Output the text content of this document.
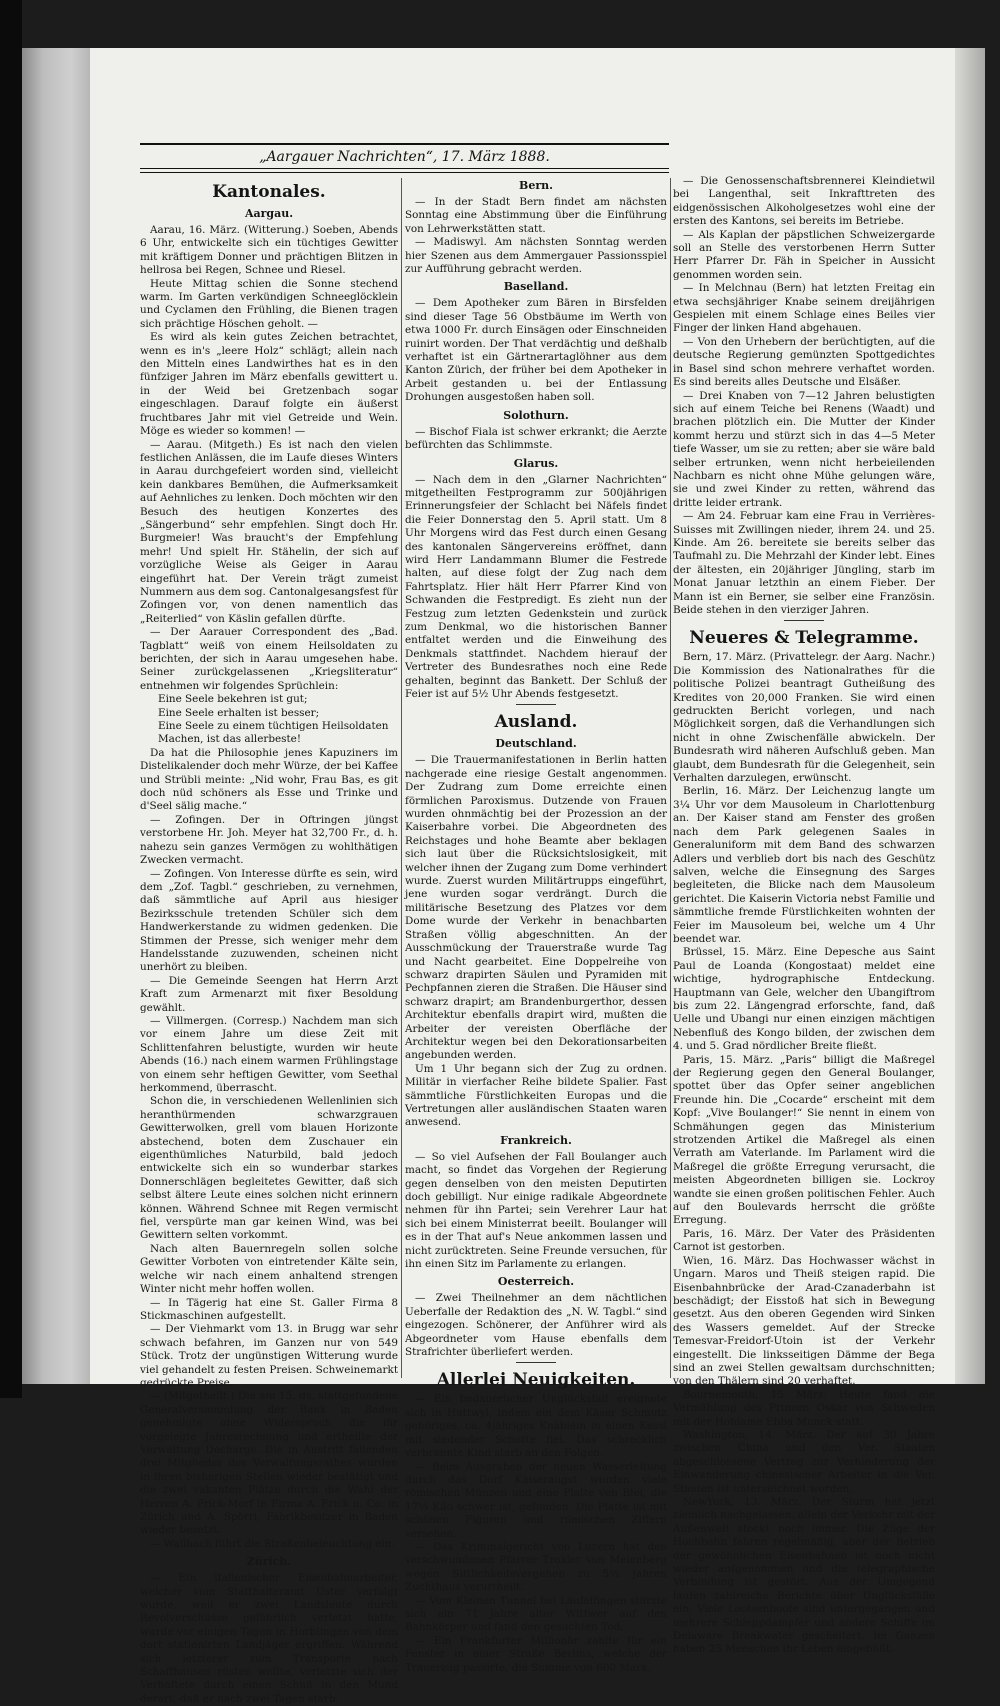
„Aargauer Nachrichten“, 17. März 1888.
Kantonales.
Aargau.

Aarau, 16. März. (Witterung.) Soeben, Abends 6 Uhr, entwickelte sich ein tüchtiges Gewitter mit kräftigem Donner und prächtigen Blitzen in hellrosa bei Regen, Schnee und Riesel.

Heute Mittag schien die Sonne stechend warm. Im Garten verkündigen Schneeglöcklein und Cyclamen den Frühling, die Bienen tragen sich prächtige Höschen geholt. —

Es wird als kein gutes Zeichen betrachtet, wenn es in's „leere Holz“ schlägt; allein nach den Mitteln eines Landwirthes hat es in den fünfziger Jahren im März ebenfalls gewittert u. in der Weid bei Gretzenbach sogar eingeschlagen. Darauf folgte ein äußerst fruchtbares Jahr mit viel Getreide und Wein. Möge es wieder so kommen! —

— Aarau. (Mitgeth.) Es ist nach den vielen festlichen Anlässen, die im Laufe dieses Winters in Aarau durchgefeiert worden sind, vielleicht kein dankbares Bemühen, die Aufmerksamkeit auf Aehnliches zu lenken. Doch möchten wir den Besuch des heutigen Konzertes des „Sängerbund“ sehr empfehlen. Singt doch Hr. Burgmeier! Was braucht's der Empfehlung mehr! Und spielt Hr. Stähelin, der sich auf vorzügliche Weise als Geiger in Aarau eingeführt hat. Der Verein trägt zumeist Nummern aus dem sog. Cantonalgesangsfest für Zofingen vor, von denen namentlich das „Reiterlied“ von Käslin gefallen dürfte.

— Der Aarauer Correspondent des „Bad. Tagblatt“ weiß von einem Heilsoldaten zu berichten, der sich in Aarau umgesehen habe. Seiner zurückgelassenen „Kriegsliteratur“ entnehmen wir folgendes Sprüchlein:

Eine Seele bekehren ist gut;

Eine Seele erhalten ist besser;

Eine Seele zu einem tüchtigen Heilsoldaten

Machen, ist das allerbeste!

Da hat die Philosophie jenes Kapuziners im Distelikalender doch mehr Würze, der bei Kaffee und Strübli meinte: „Nid wohr, Frau Bas, es git doch nüd schöners als Esse und Trinke und d'Seel sälig mache.“

— Zofingen. Der in Oftringen jüngst verstorbene Hr. Joh. Meyer hat 32,700 Fr., d. h. nahezu sein ganzes Vermögen zu wohlthätigen Zwecken vermacht.

— Zofingen. Von Interesse dürfte es sein, wird dem „Zof. Tagbl.“ geschrieben, zu vernehmen, daß sämmtliche auf April aus hiesiger Bezirksschule tretenden Schüler sich dem Handwerkerstande zu widmen gedenken. Die Stimmen der Presse, sich weniger mehr dem Handelsstande zuzuwenden, scheinen nicht unerhört zu bleiben.

— Die Gemeinde Seengen hat Herrn Arzt Kraft zum Armenarzt mit fixer Besoldung gewählt.

— Villmergen. (Corresp.) Nachdem man sich vor einem Jahre um diese Zeit mit Schlittenfahren belustigte, wurden wir heute Abends (16.) nach einem warmen Frühlingstage von einem sehr heftigen Gewitter, vom Seethal herkommend, überrascht.

Schon die, in verschiedenen Wellenlinien sich heranthürmenden schwarzgrauen Gewitterwolken, grell vom blauen Horizonte abstechend, boten dem Zuschauer ein eigenthümliches Naturbild, bald jedoch entwickelte sich ein so wunderbar starkes Donnerschlägen begleitetes Gewitter, daß sich selbst ältere Leute eines solchen nicht erinnern können. Während Schnee mit Regen vermischt fiel, verspürte man gar keinen Wind, was bei Gewittern selten vorkommt.

Nach alten Bauernregeln sollen solche Gewitter Vorboten von eintretender Kälte sein, welche wir nach einem anhaltend strengen Winter nicht mehr hoffen wollen.

— In Tägerig hat eine St. Galler Firma 8 Stickmaschinen aufgestellt.

— Der Viehmarkt vom 13. in Brugg war sehr schwach befahren, im Ganzen nur von 549 Stück. Trotz der ungünstigen Witterung wurde viel gehandelt zu festen Preisen. Schweinemarkt gedrückte Preise.

— (Mitgetheilt.) Die am 15. ds. stattgefundene Generalversammlung der Bank in Baden genehmigte ohne Widerspruch die ihr vorgelegte Jahresrechnung und ertheilte der Verwaltung Decharge. Die in Austritt fallenden drei Mitglieder des Verwaltungsrathes wurden in ihren bisherigen Stellen wieder bestätigt und die zwei vakanten Plätze durch die Wahl der Herren A. Frick-Morf in Firma A. Frick u. Co. in Zürich und A. Spörri, Fabrikbesitzer in Baden wieder besetzt.

— Wallbach führt die Straßenbeleuchtung ein.

Zürich.

— Ein italienischer Eisenbahnarbeiter, welcher vom Statthalteramt Uster verfolgt wurde, weil er zwei Landsleute durch Revolverschüsse gefährlich verletzt hatte, wurde vor einigen Tagen in Horblingen von dem dort stationirten Landjäger ergriffen. Während sich letzterer zum Transporte nach Schaffhausen rüsten wollte, verletzte sich der Verhaftete durch einen Schuß in den Mund derart, daß er nach zwei Tagen starb.

Bern.

— In der Stadt Bern findet am nächsten Sonntag eine Abstimmung über die Einführung von Lehrwerkstätten statt.

— Madiswyl. Am nächsten Sonntag werden hier Szenen aus dem Ammergauer Passionsspiel zur Aufführung gebracht werden.

Baselland.

— Dem Apotheker zum Bären in Birsfelden sind dieser Tage 56 Obstbäume im Werth von etwa 1000 Fr. durch Einsägen oder Einschneiden ruinirt worden. Der That verdächtig und deßhalb verhaftet ist ein Gärtnerartaglöhner aus dem Kanton Zürich, der früher bei dem Apotheker in Arbeit gestanden u. bei der Entlassung Drohungen ausgestoßen haben soll.

Solothurn.

— Bischof Fiala ist schwer erkrankt; die Aerzte befürchten das Schlimmste.

Glarus.

— Nach dem in den „Glarner Nachrichten“ mitgetheilten Festprogramm zur 500jährigen Erinnerungsfeier der Schlacht bei Näfels findet die Feier Donnerstag den 5. April statt. Um 8 Uhr Morgens wird das Fest durch einen Gesang des kantonalen Sängervereins eröffnet, dann wird Herr Landammann Blumer die Festrede halten, auf diese folgt der Zug nach dem Fahrtsplatz. Hier hält Herr Pfarrer Kind von Schwanden die Festpredigt. Es zieht nun der Festzug zum letzten Gedenkstein und zurück zum Denkmal, wo die historischen Banner entfaltet werden und die Einweihung des Denkmals stattfindet. Nachdem hierauf der Vertreter des Bundesrathes noch eine Rede gehalten, beginnt das Bankett. Der Schluß der Feier ist auf 5½ Uhr Abends festgesetzt.

Ausland.
Deutschland.

— Die Trauermanifestationen in Berlin hatten nachgerade eine riesige Gestalt angenommen. Der Zudrang zum Dome erreichte einen förmlichen Paroxismus. Dutzende von Frauen wurden ohnmächtig bei der Prozession an der Kaiserbahre vorbei. Die Abgeordneten des Reichstages und hohe Beamte aber beklagen sich laut über die Rücksichtslosigkeit, mit welcher ihnen der Zugang zum Dome verhindert wurde. Zuerst wurden Militärtrupps eingeführt, jene wurden sogar verdrängt. Durch die militärische Besetzung des Platzes vor dem Dome wurde der Verkehr in benachbarten Straßen völlig abgeschnitten. An der Ausschmückung der Trauerstraße wurde Tag und Nacht gearbeitet. Eine Doppelreihe von schwarz drapirten Säulen und Pyramiden mit Pechpfannen zieren die Straßen. Die Häuser sind schwarz drapirt; am Brandenburgerthor, dessen Architektur ebenfalls drapirt wird, mußten die Arbeiter der vereisten Oberfläche der Architektur wegen bei den Dekorationsarbeiten angebunden werden.

Um 1 Uhr begann sich der Zug zu ordnen. Militär in vierfacher Reihe bildete Spalier. Fast sämmtliche Fürstlichkeiten Europas und die Vertretungen aller ausländischen Staaten waren anwesend.

Frankreich.

— So viel Aufsehen der Fall Boulanger auch macht, so findet das Vorgehen der Regierung gegen denselben von den meisten Deputirten doch gebilligt. Nur einige radikale Abgeordnete nehmen für ihn Partei; sein Verehrer Laur hat sich bei einem Ministerrat beeilt. Boulanger will es in der That auf's Neue ankommen lassen und nicht zurücktreten. Seine Freunde versuchen, für ihn einen Sitz im Parlamente zu erlangen.

Oesterreich.

— Zwei Theilnehmer an dem nächtlichen Ueberfalle der Redaktion des „N. W. Tagbl.“ sind eingezogen. Schönerer, der Anführer wird als Abgeordneter vom Hause ebenfalls dem Strafrichter überliefert werden.

Allerlei Neuigkeiten.

— Ein bedauerlicher Unglücksfall ereignete sich in Huttwyl, indem ein dem Käser Schmutz gehöriges, ca. 4jähriges Knäblein in einen Kessi mit siedender Schotte fiel. Das schrecklich verbrannte Kind starb an den Folgen.

— Beim Ausgraben der neuen Wasserleitung durch das Dorf Kaiseraugst wurden viele römischen Münzen und eine Platte von Blei, die 17½ Kilo schwer ist, gefunden. Die Platte ist mit schönen Figuren und römischen Ziffern versehen.

— Das Kriminalgericht von Luzern hat den verschwundenen Pfarrer Troxler von Meienberg wegen Sittlichkeitsvergehen zu 5½ Jahren Zuchthaus verurtheilt.

— Vom Kleinen Tunnel bei Läufelfingen stürzte sich ein 71 Jahre alter Wittwer auf den Bahnkörper und fand den gesuchten Tod.

— Ein Frankfurter Millionär zahlte für ein Fenster in einer Straße Berlins, welche der Trauerzug passirte, die Summe von 600 Mark.

— Die Genossenschaftsbrennerei Kleindietwil bei Langenthal, seit Inkrafttreten des eidgenössischen Alkoholgesetzes wohl eine der ersten des Kantons, sei bereits im Betriebe.

— Als Kaplan der päpstlichen Schweizergarde soll an Stelle des verstorbenen Herrn Sutter Herr Pfarrer Dr. Fäh in Speicher in Aussicht genommen worden sein.

— In Melchnau (Bern) hat letzten Freitag ein etwa sechsjähriger Knabe seinem dreijährigen Gespielen mit einem Schlage eines Beiles vier Finger der linken Hand abgehauen.

— Von den Urhebern der berüchtigten, auf die deutsche Regierung gemünzten Spottgedichtes in Basel sind schon mehrere verhaftet worden. Es sind bereits alles Deutsche und Elsäßer.

— Drei Knaben von 7—12 Jahren belustigten sich auf einem Teiche bei Renens (Waadt) und brachen plötzlich ein. Die Mutter der Kinder kommt herzu und stürzt sich in das 4—5 Meter tiefe Wasser, um sie zu retten; aber sie wäre bald selber ertrunken, wenn nicht herbeieilenden Nachbarn es nicht ohne Mühe gelungen wäre, sie und zwei Kinder zu retten, während das dritte leider ertrank.

— Am 24. Februar kam eine Frau in Verrières-Suisses mit Zwillingen nieder, ihrem 24. und 25. Kinde. Am 26. bereitete sie bereits selber das Taufmahl zu. Die Mehrzahl der Kinder lebt. Eines der ältesten, ein 20jähriger Jüngling, starb im Monat Januar letzthin an einem Fieber. Der Mann ist ein Berner, sie selber eine Französin. Beide stehen in den vierziger Jahren.

Neueres & Telegramme.

Bern, 17. März. (Privattelegr. der Aarg. Nachr.) Die Kommission des Nationalrathes für die politische Polizei beantragt Gutheißung des Kredites von 20,000 Franken. Sie wird einen gedruckten Bericht vorlegen, und nach Möglichkeit sorgen, daß die Verhandlungen sich nicht in ohne Zwischenfälle abwickeln. Der Bundesrath wird näheren Aufschluß geben. Man glaubt, dem Bundesrath für die Gelegenheit, sein Verhalten darzulegen, erwünscht.

Berlin, 16. März. Der Leichenzug langte um 3¼ Uhr vor dem Mausoleum in Charlottenburg an. Der Kaiser stand am Fenster des großen nach dem Park gelegenen Saales in Generaluniform mit dem Band des schwarzen Adlers und verblieb dort bis nach des Geschütz salven, welche die Einsegnung des Sarges begleiteten, die Blicke nach dem Mausoleum gerichtet. Die Kaiserin Victoria nebst Familie und sämmtliche fremde Fürstlichkeiten wohnten der Feier im Mausoleum bei, welche um 4 Uhr beendet war.

Brüssel, 15. März. Eine Depesche aus Saint Paul de Loanda (Kongostaat) meldet eine wichtige, hydrographische Entdeckung. Hauptmann van Gele, welcher den Ubangiftrom bis zum 22. Längengrad erforschte, fand, daß Uelle und Ubangi nur einen einzigen mächtigen Nebenfluß des Kongo bilden, der zwischen dem 4. und 5. Grad nördlicher Breite fließt.

Paris, 15. März. „Paris“ billigt die Maßregel der Regierung gegen den General Boulanger, spottet über das Opfer seiner angeblichen Freunde hin. Die „Cocarde“ erscheint mit dem Kopf: „Vive Boulanger!“ Sie nennt in einem von Schmähungen gegen das Ministerium strotzenden Artikel die Maßregel als einen Verrath am Vaterlande. Im Parlament wird die Maßregel die größte Erregung verursacht, die meisten Abgeordneten billigen sie. Lockroy wandte sie einen großen politischen Fehler. Auch auf den Boulevards herrscht die größte Erregung.

Paris, 16. März. Der Vater des Präsidenten Carnot ist gestorben.

Wien, 16. März. Das Hochwasser wächst in Ungarn. Maros und Theiß steigen rapid. Die Eisenbahnbrücke der Arad-Czanaderbahn ist beschädigt; der Eisstoß hat sich in Bewegung gesetzt. Aus den oberen Gegenden wird Sinken des Wassers gemeldet. Auf der Strecke Temesvar-Freidorf-Utoin ist der Verkehr eingestellt. Die linksseitigen Dämme der Bega sind an zwei Stellen gewaltsam durchschnitten; von den Thälern sind 20 verhaftet.

Bournemouth, 15 März. Heute fand die Vermählung des Prinzen Oskar von Schweden mit der Hofdame Ebba Munck statt.

Washington, 14. März. Der auf 30 Jahre zwischen China und den Ver. Staaten abgeschlossene Vertrag zur Verhinderung der Einwanderung chinesischer Arbeiter in die Ver. Staaten ist unterzeichnet worden.

NewYork, 13. März. Der Sturm hat jetzt ziemlich nachgelassen, allein der Verkehr mit der Außenwelt stockt noch immer. Die Züge der Hochbahn fahren regelmäßig, aber der Betrieb der gewöhnlichen Eisenbahnen ist noch nicht wieder aufgenommen und die telegraphische Verbindung ist gestört. Aus der Umgegend laufen zahlreiche Berichte über Unglücksfälle ein. Viele Lootsenboote sind untergegangen und mehrere Schleppdampfer und andere Schiffe im Delaware Breakwater gescheitert. Im Ganzen haben 25 Menschen ihr Leben eingebüßt.
